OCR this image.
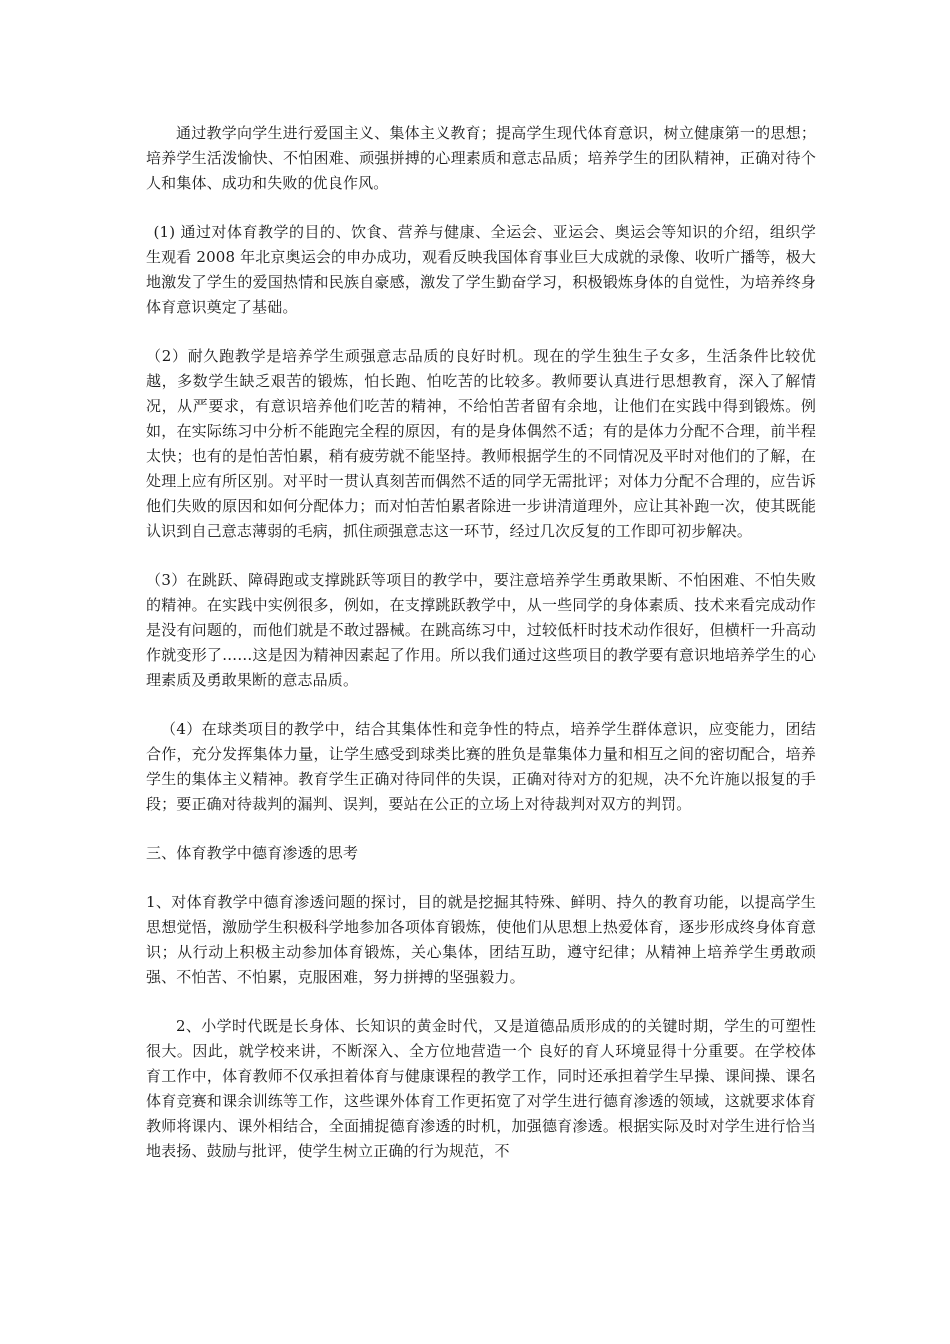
通过教学向学生进行爱国主义、集体主义教育；提高学生现代体育意识，树立健康第一的思想；培养学生活泼愉快、不怕困难、顽强拼搏的心理素质和意志品质；培养学生的团队精神，正确对待个人和集体、成功和失败的优良作风。

(1) 通过对体育教学的目的、饮食、营养与健康、全运会、亚运会、奥运会等知识的介绍，组织学生观看 2008 年北京奥运会的申办成功，观看反映我国体育事业巨大成就的录像、收听广播等，极大地激发了学生的爱国热情和民族自豪感，激发了学生勤奋学习，积极锻炼身体的自觉性，为培养终身体育意识奠定了基础。

（2）耐久跑教学是培养学生顽强意志品质的良好时机。现在的学生独生子女多，生活条件比较优越，多数学生缺乏艰苦的锻炼，怕长跑、怕吃苦的比较多。教师要认真进行思想教育，深入了解情况，从严要求，有意识培养他们吃苦的精神，不给怕苦者留有余地，让他们在实践中得到锻炼。例如，在实际练习中分析不能跑完全程的原因，有的是身体偶然不适；有的是体力分配不合理，前半程太快；也有的是怕苦怕累，稍有疲劳就不能坚持。教师根据学生的不同情况及平时对他们的了解，在处理上应有所区别。对平时一贯认真刻苦而偶然不适的同学无需批评；对体力分配不合理的，应告诉他们失败的原因和如何分配体力；而对怕苦怕累者除进一步讲清道理外，应让其补跑一次，使其既能认识到自己意志薄弱的毛病，抓住顽强意志这一环节，经过几次反复的工作即可初步解决。

（3）在跳跃、障碍跑或支撑跳跃等项目的教学中，要注意培养学生勇敢果断、不怕困难、不怕失败的精神。在实践中实例很多，例如，在支撑跳跃教学中，从一些同学的身体素质、技术来看完成动作是没有问题的，而他们就是不敢过器械。在跳高练习中，过较低杆时技术动作很好，但横杆一升高动作就变形了……这是因为精神因素起了作用。所以我们通过这些项目的教学要有意识地培养学生的心理素质及勇敢果断的意志品质。

（4）在球类项目的教学中，结合其集体性和竞争性的特点，培养学生群体意识，应变能力，团结合作，充分发挥集体力量，让学生感受到球类比赛的胜负是靠集体力量和相互之间的密切配合，培养学生的集体主义精神。教育学生正确对待同伴的失误，正确对待对方的犯规，决不允许施以报复的手段；要正确对待裁判的漏判、误判，要站在公正的立场上对待裁判对双方的判罚。

三、体育教学中德育渗透的思考

1、对体育教学中德育渗透问题的探讨，目的就是挖掘其特殊、鲜明、持久的教育功能，以提高学生思想觉悟，激励学生积极科学地参加各项体育锻炼，使他们从思想上热爱体育，逐步形成终身体育意识；从行动上积极主动参加体育锻炼，关心集体，团结互助，遵守纪律；从精神上培养学生勇敢顽强、不怕苦、不怕累，克服困难，努力拼搏的坚强毅力。

2、小学时代既是长身体、长知识的黄金时代，又是道德品质形成的的关键时期，学生的可塑性很大。因此，就学校来讲，不断深入、全方位地营造一个 良好的育人环境显得十分重要。在学校体育工作中，体育教师不仅承担着体育与健康课程的教学工作，同时还承担着学生早操、课间操、课名体育竞赛和课余训练等工作，这些课外体育工作更拓宽了对学生进行德育渗透的领域，这就要求体育教师将课内、课外相结合，全面捕捉德育渗透的时机，加强德育渗透。根据实际及时对学生进行恰当地表扬、鼓励与批评，使学生树立正确的行为规范，不
